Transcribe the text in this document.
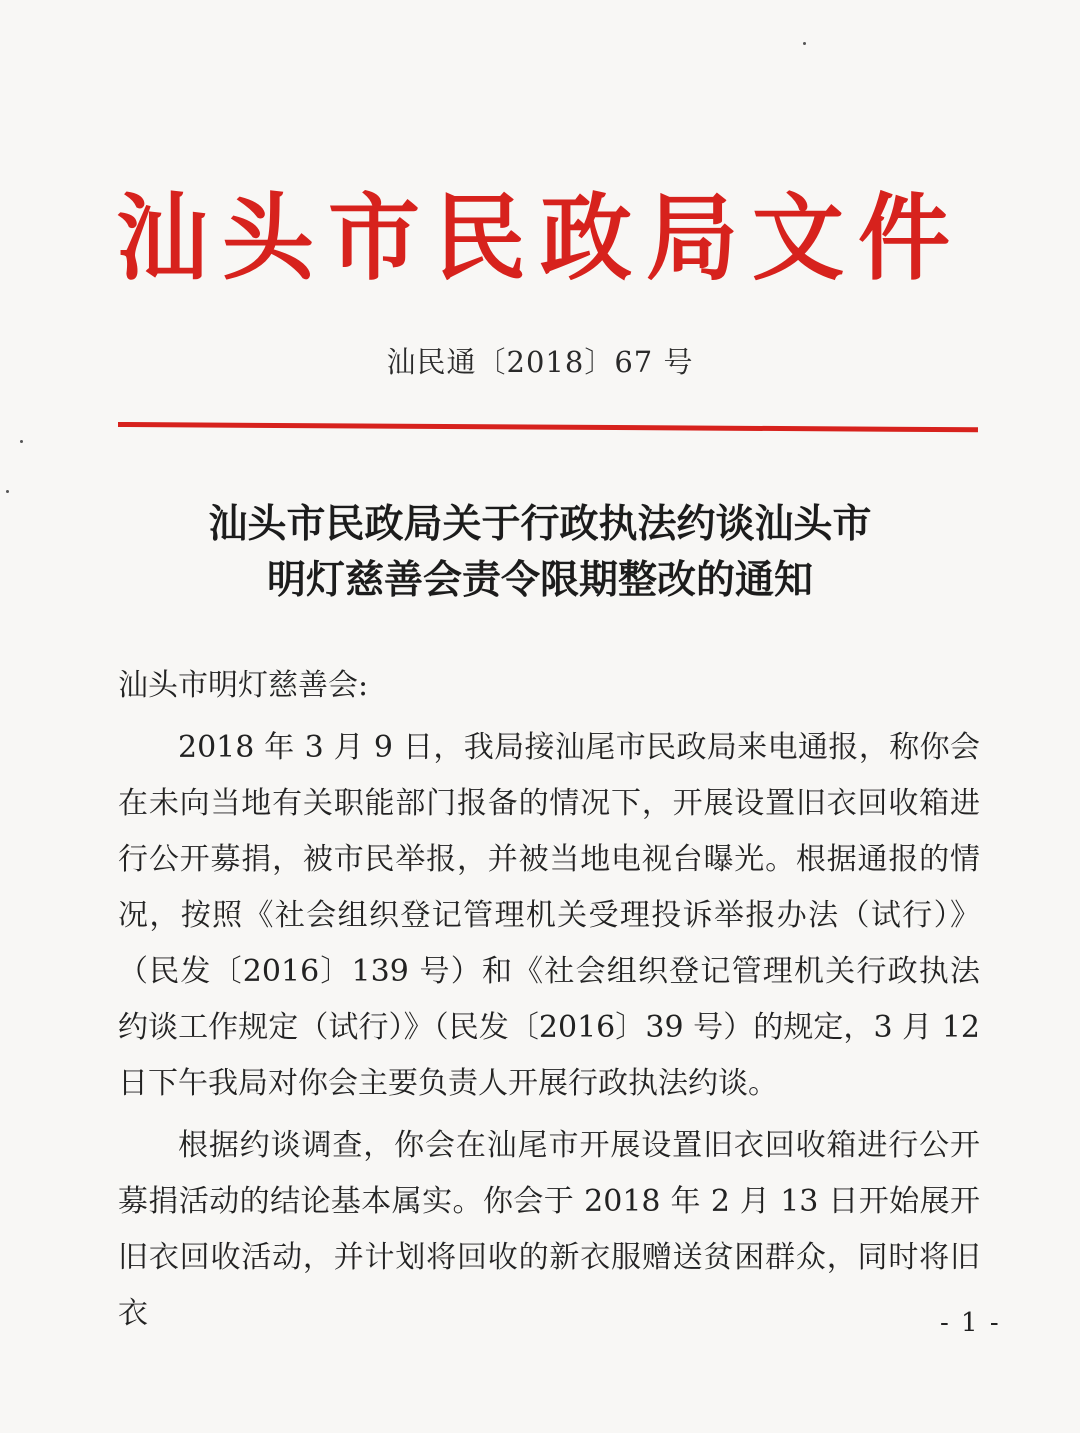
汕头市民政局文件
汕民通〔2018〕67 号
汕头市民政局关于行政执法约谈汕头市
明灯慈善会责令限期整改的通知

汕头市明灯慈善会:

2018 年 3 月 9 日，我局接汕尾市民政局来电通报，称你会在未向当地有关职能部门报备的情况下，开展设置旧衣回收箱进行公开募捐，被市民举报，并被当地电视台曝光。根据通报的情况，按照《社会组织登记管理机关受理投诉举报办法（试行）》（民发〔2016〕139 号）和《社会组织登记管理机关行政执法约谈工作规定（试行）》（民发〔2016〕39 号）的规定，3 月 12 日下午我局对你会主要负责人开展行政执法约谈。

根据约谈调查，你会在汕尾市开展设置旧衣回收箱进行公开募捐活动的结论基本属实。你会于 2018 年 2 月 13 日开始展开旧衣回收活动，并计划将回收的新衣服赠送贫困群众，同时将旧衣	- 1 -
